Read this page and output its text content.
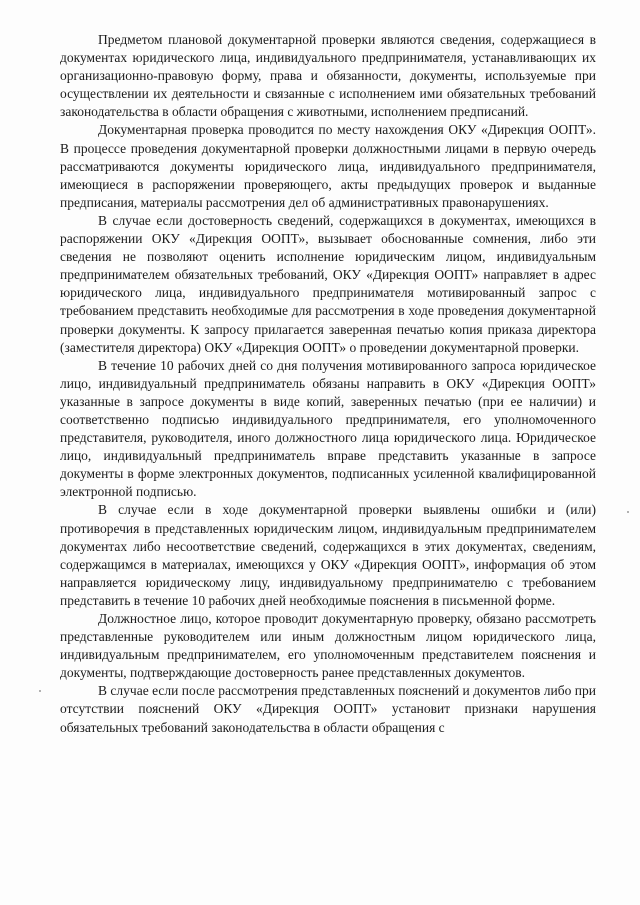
Предметом плановой документарной проверки являются сведения, содержащиеся в документах юридического лица, индивидуального предпринимателя, устанавливающих их организационно-правовую форму, права и обязанности, документы, используемые при осуществлении их деятельности и связанные с исполнением ими обязательных требований законодательства в области обращения с животными, исполнением предписаний.

Документарная проверка проводится по месту нахождения ОКУ «Дирекция ООПТ». В процессе проведения документарной проверки должностными лицами в первую очередь рассматриваются документы юридического лица, индивидуального предпринимателя, имеющиеся в распоряжении проверяющего, акты предыдущих проверок и выданные предписания, материалы рассмотрения дел об административных правонарушениях.

В случае если достоверность сведений, содержащихся в документах, имеющихся в распоряжении ОКУ «Дирекция ООПТ», вызывает обоснованные сомнения, либо эти сведения не позволяют оценить исполнение юридическим лицом, индивидуальным предпринимателем обязательных требований, ОКУ «Дирекция ООПТ» направляет в адрес юридического лица, индивидуального предпринимателя мотивированный запрос с требованием представить необходимые для рассмотрения в ходе проведения документарной проверки документы. К запросу прилагается заверенная печатью копия приказа директора (заместителя директора) ОКУ «Дирекция ООПТ» о проведении документарной проверки.

В течение 10 рабочих дней со дня получения мотивированного запроса юридическое лицо, индивидуальный предприниматель обязаны направить в ОКУ «Дирекция ООПТ» указанные в запросе документы в виде копий, заверенных печатью (при ее наличии) и соответственно подписью индивидуального предпринимателя, его уполномоченного представителя, руководителя, иного должностного лица юридического лица. Юридическое лицо, индивидуальный предприниматель вправе представить указанные в запросе документы в форме электронных документов, подписанных усиленной квалифицированной электронной подписью.

В случае если в ходе документарной проверки выявлены ошибки и (или) противоречия в представленных юридическим лицом, индивидуальным предпринимателем документах либо несоответствие сведений, содержащихся в этих документах, сведениям, содержащимся в материалах, имеющихся у ОКУ «Дирекция ООПТ», информация об этом направляется юридическому лицу, индивидуальному предпринимателю с требованием представить в течение 10 рабочих дней необходимые пояснения в письменной форме.

Должностное лицо, которое проводит документарную проверку, обязано рассмотреть представленные руководителем или иным должностным лицом юридического лица, индивидуальным предпринимателем, его уполномоченным представителем пояснения и документы, подтверждающие достоверность ранее представленных документов.

В случае если после рассмотрения представленных пояснений и документов либо при отсутствии пояснений ОКУ «Дирекция ООПТ» установит признаки нарушения обязательных требований законодательства в области обращения с
